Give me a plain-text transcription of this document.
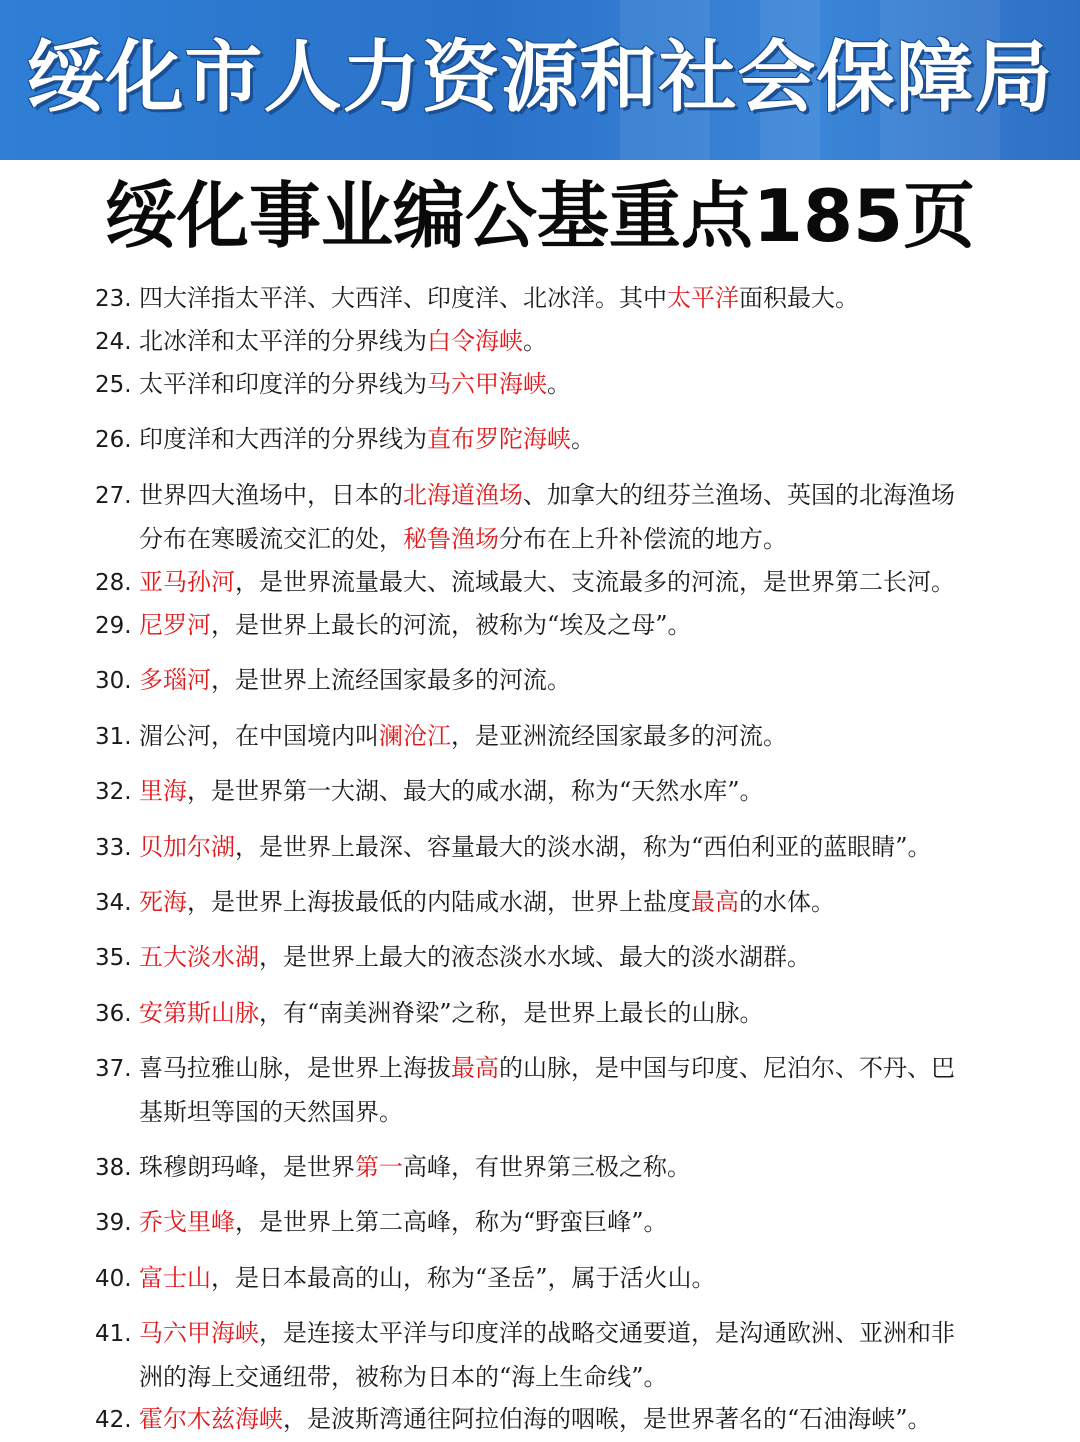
绥化市人力资源和社会保障局
绥化事业编公基重点185页
23. 四大洋指太平洋、大西洋、印度洋、北冰洋。其中太平洋面积最大。
24. 北冰洋和太平洋的分界线为白令海峡。
25. 太平洋和印度洋的分界线为马六甲海峡。
26. 印度洋和大西洋的分界线为直布罗陀海峡。
27. 世界四大渔场中，日本的北海道渔场、加拿大的纽芬兰渔场、英国的北海渔场
分布在寒暖流交汇的处，秘鲁渔场分布在上升补偿流的地方。
28. 亚马孙河，是世界流量最大、流域最大、支流最多的河流，是世界第二长河。
29. 尼罗河，是世界上最长的河流，被称为“埃及之母”。
30. 多瑙河，是世界上流经国家最多的河流。
31. 湄公河，在中国境内叫澜沧江，是亚洲流经国家最多的河流。
32. 里海，是世界第一大湖、最大的咸水湖，称为“天然水库”。
33. 贝加尔湖，是世界上最深、容量最大的淡水湖，称为“西伯利亚的蓝眼睛”。
34. 死海，是世界上海拔最低的内陆咸水湖，世界上盐度最高的水体。
35. 五大淡水湖，是世界上最大的液态淡水水域、最大的淡水湖群。
36. 安第斯山脉，有“南美洲脊梁”之称，是世界上最长的山脉。
37. 喜马拉雅山脉，是世界上海拔最高的山脉，是中国与印度、尼泊尔、不丹、巴
基斯坦等国的天然国界。
38. 珠穆朗玛峰，是世界第一高峰，有世界第三极之称。
39. 乔戈里峰，是世界上第二高峰，称为“野蛮巨峰”。
40. 富士山，是日本最高的山，称为“圣岳”，属于活火山。
41. 马六甲海峡，是连接太平洋与印度洋的战略交通要道，是沟通欧洲、亚洲和非
洲的海上交通纽带，被称为日本的“海上生命线”。
42. 霍尔木兹海峡，是波斯湾通往阿拉伯海的咽喉，是世界著名的“石油海峡”。
